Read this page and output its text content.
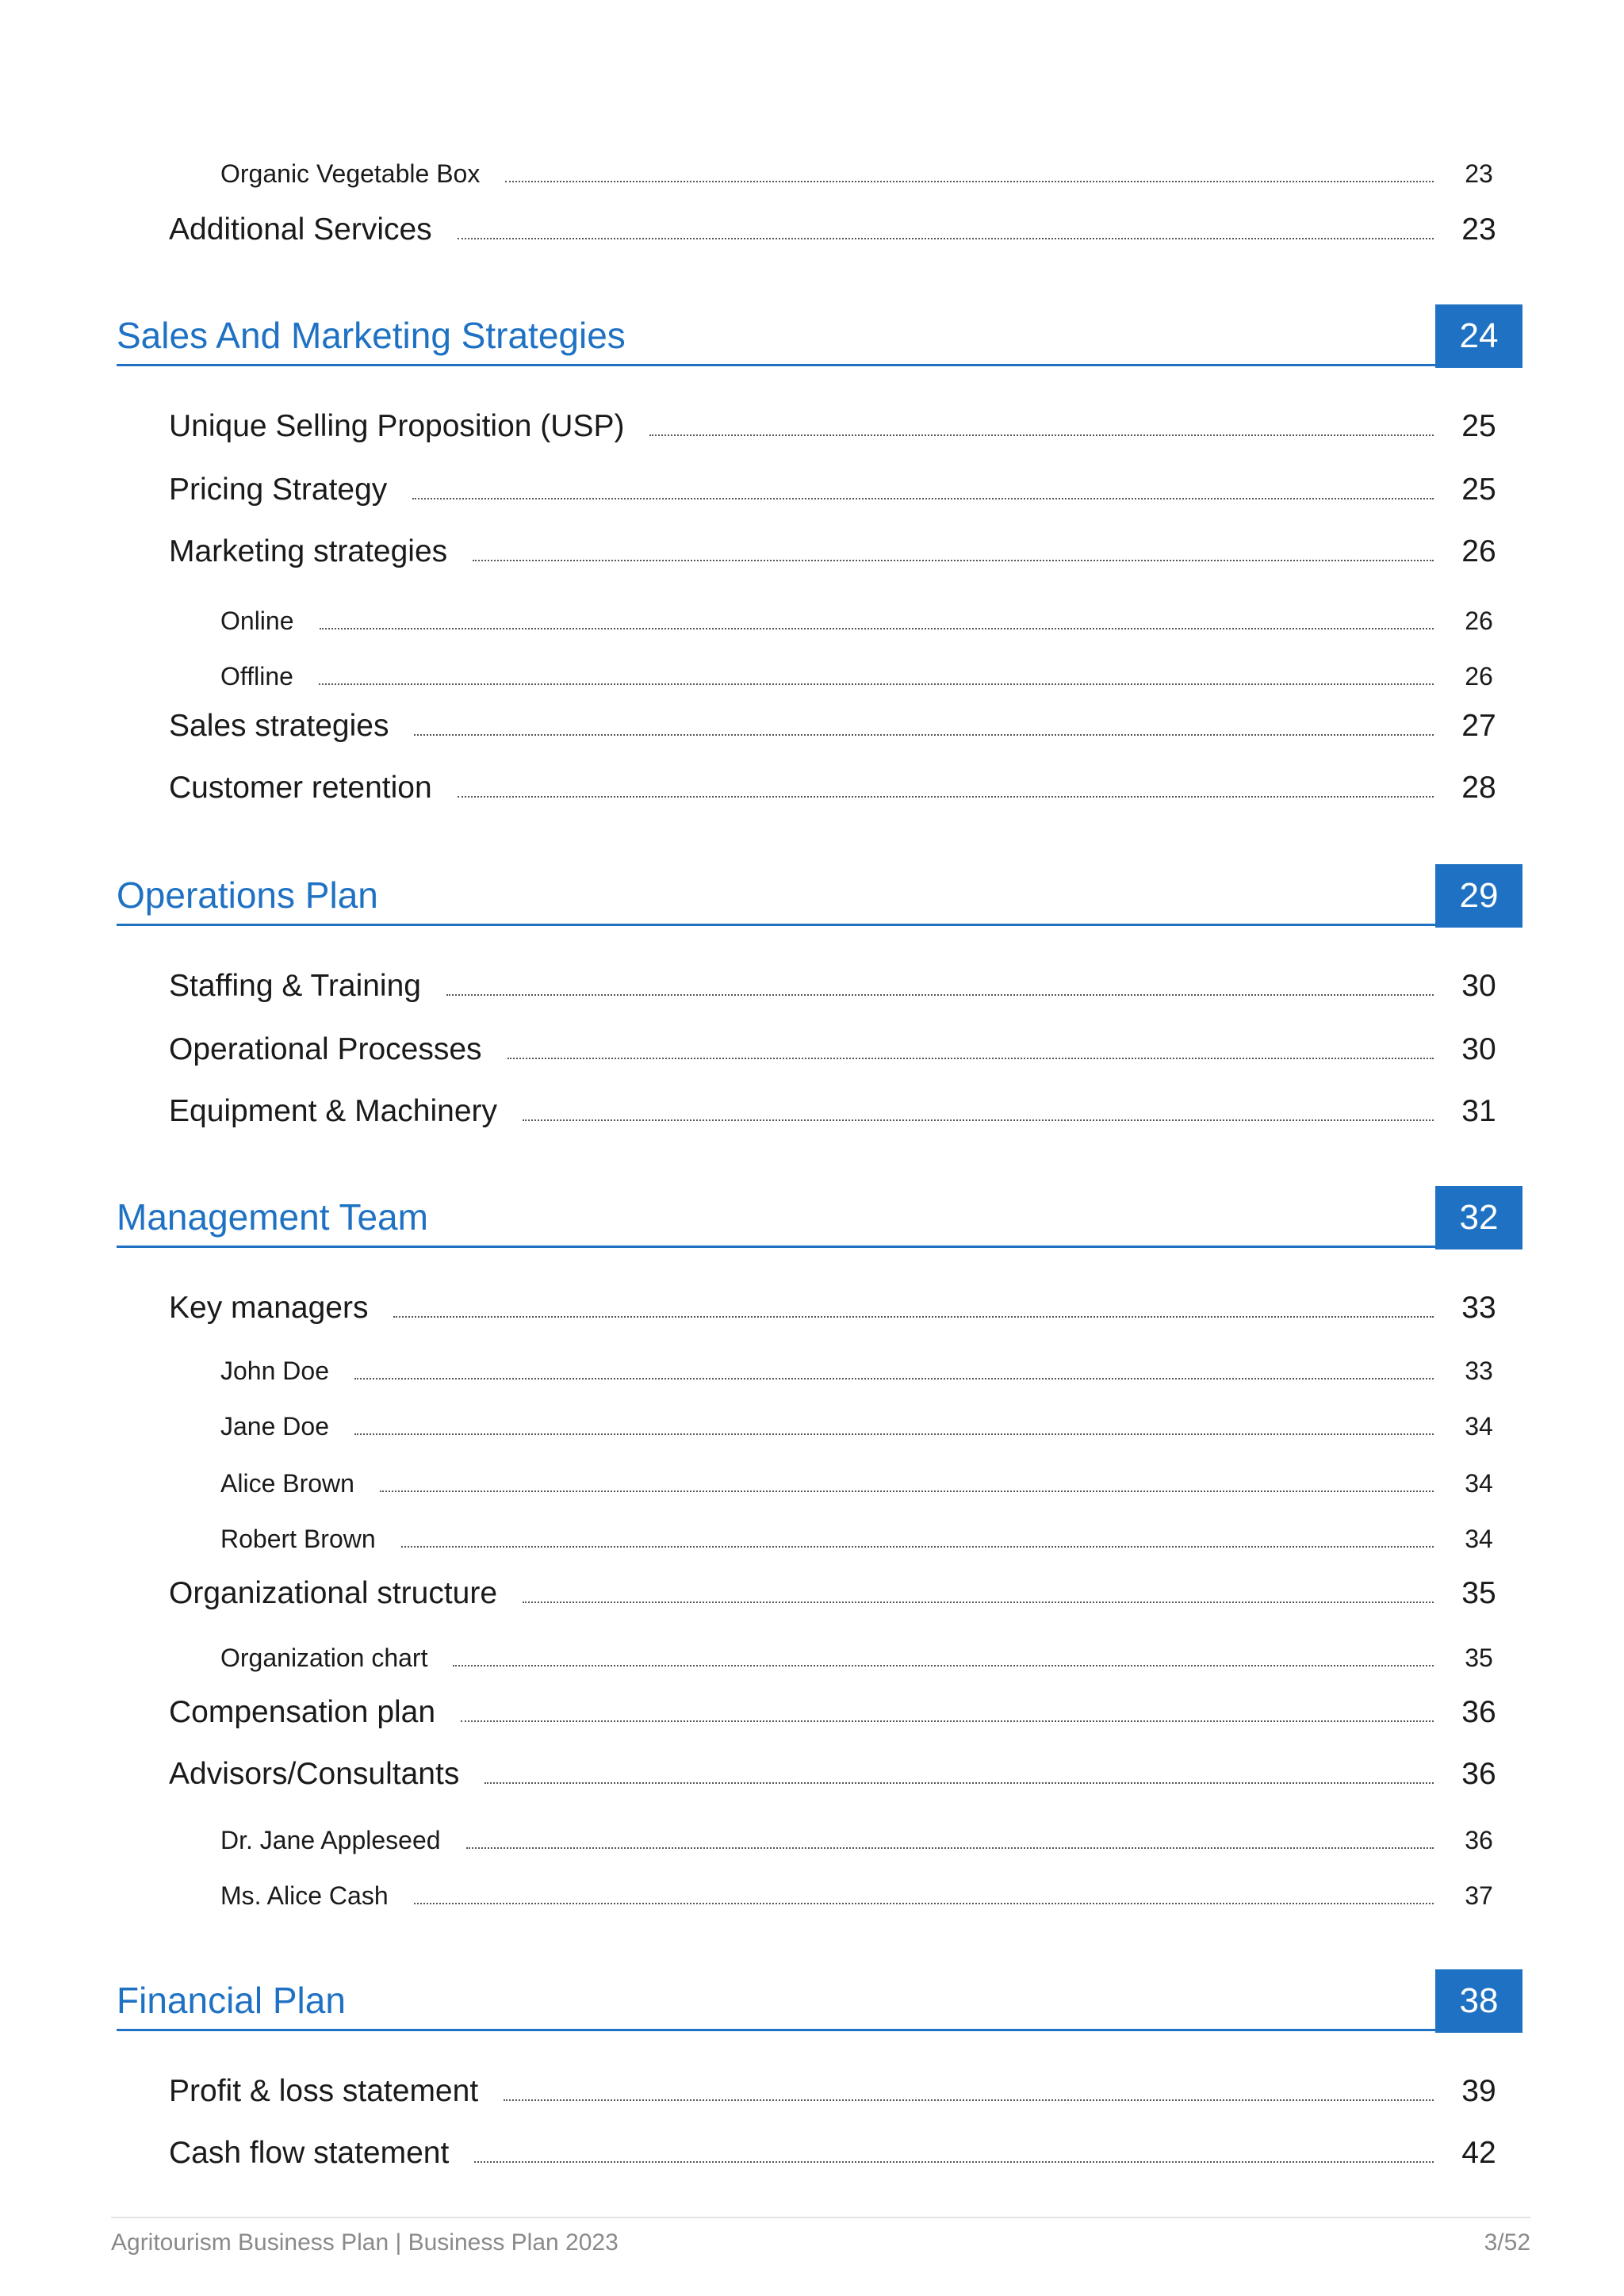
Organic Vegetable Box	23
Additional Services	23
Sales And Marketing Strategies	24
Unique Selling Proposition (USP)	25
Pricing Strategy	25
Marketing strategies	26
Online	26
Offline	26
Sales strategies	27
Customer retention	28
Operations Plan	29
Staffing & Training	30
Operational Processes	30
Equipment & Machinery	31
Management Team	32
Key managers	33
John Doe	33
Jane Doe	34
Alice Brown	34
Robert Brown	34
Organizational structure	35
Organization chart	35
Compensation plan	36
Advisors/Consultants	36
Dr. Jane Appleseed	36
Ms. Alice Cash	37
Financial Plan	38
Profit & loss statement	39
Cash flow statement	42
Agritourism Business Plan | Business Plan 2023	3/52
